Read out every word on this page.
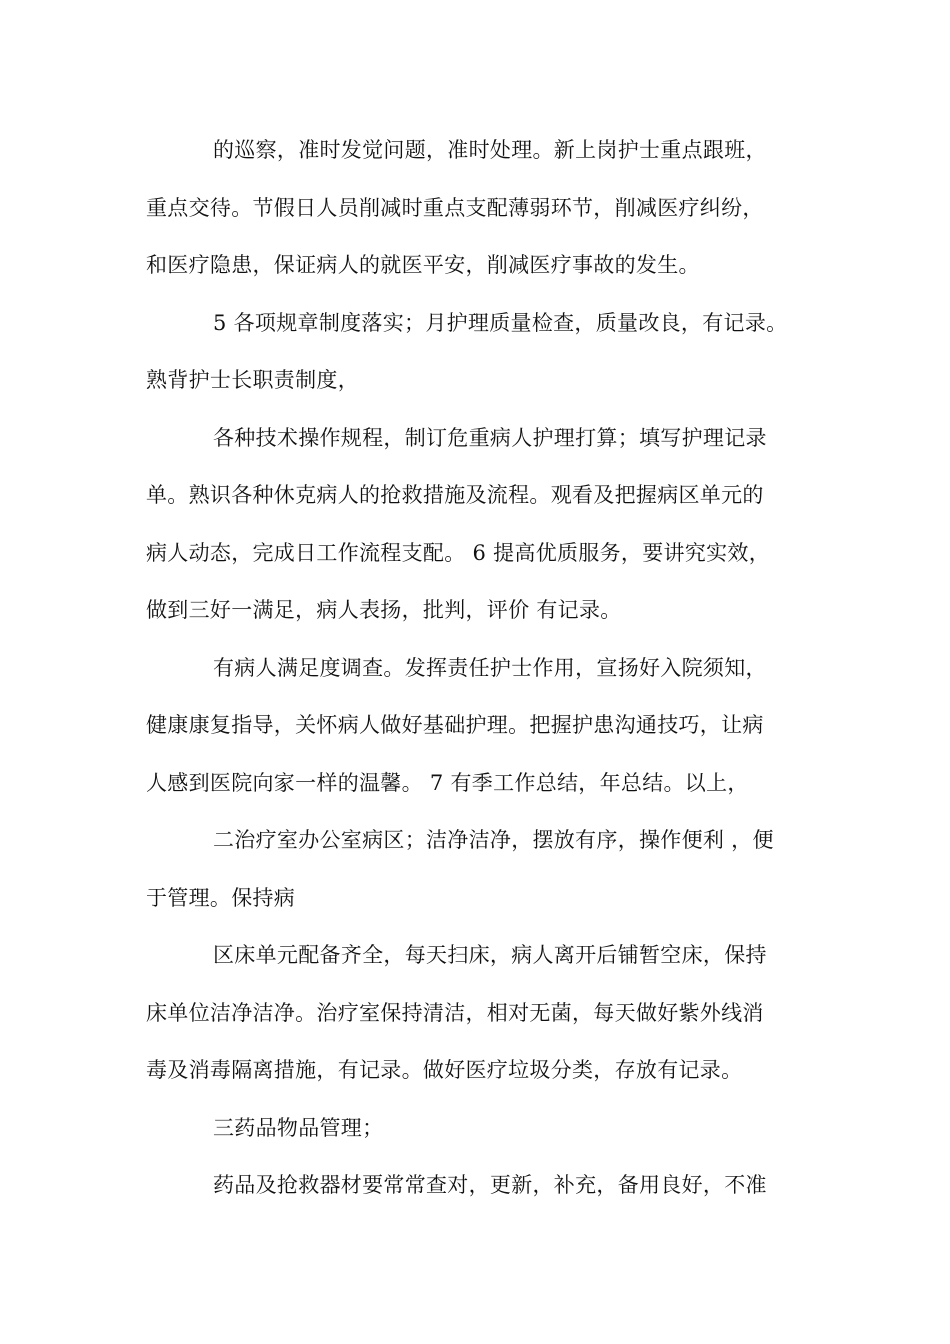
的巡察，准时发觉问题，准时处理。新上岗护士重点跟班，
重点交待。节假日人员削减时重点支配薄弱环节，削减医疗纠纷，
和医疗隐患，保证病人的就医平安，削减医疗事故的发生。
5 各项规章制度落实；月护理质量检查，质量改良，有记录。
熟背护士长职责制度，
各种技术操作规程，制订危重病人护理打算；填写护理记录
单。熟识各种休克病人的抢救措施及流程。观看及把握病区单元的
病人动态，完成日工作流程支配。 6 提高优质服务，要讲究实效，
做到三好一满足，病人表扬，批判，评价 有记录。
有病人满足度调查。发挥责任护士作用，宣扬好入院须知，
健康康复指导，关怀病人做好基础护理。把握护患沟通技巧，让病
人感到医院向家一样的温馨。 7 有季工作总结，年总结。以上，
二治疗室办公室病区；洁净洁净，摆放有序，操作便利 ，便
于管理。保持病
区床单元配备齐全，每天扫床，病人离开后铺暂空床，保持
床单位洁净洁净。治疗室保持清洁，相对无菌，每天做好紫外线消
毒及消毒隔离措施，有记录。做好医疗垃圾分类，存放有记录。
三药品物品管理；
药品及抢救器材要常常查对，更新，补充，备用良好，不准
